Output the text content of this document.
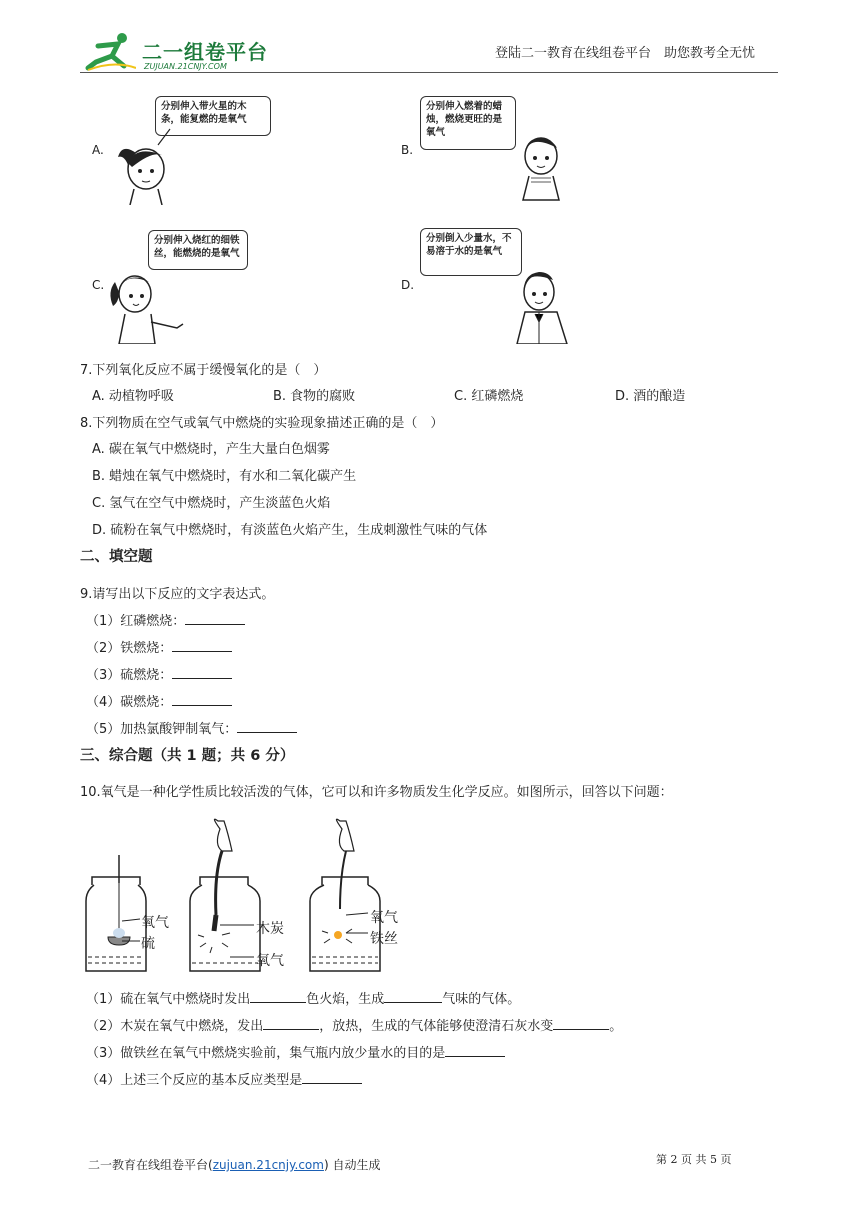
二一组卷平台
ZUJUAN.21CNJY.COM
登陆二一教育在线组卷平台　助您教考全无忧
A.
分别伸入带火星的木条，能复燃的是氧气
B.
分别伸入燃着的蜡烛，燃烧更旺的是氧气
C.
分别伸入烧红的细铁丝，能燃烧的是氧气
D.
分别倒入少量水，不易溶于水的是氧气
7.下列氧化反应不属于缓慢氧化的是（　）
A. 动植物呼吸	B. 食物的腐败	C. 红磷燃烧	D. 酒的酿造
8.下列物质在空气或氧气中燃烧的实验现象描述正确的是（　）
A. 碳在氧气中燃烧时，产生大量白色烟雾
B. 蜡烛在氧气中燃烧时，有水和二氧化碳产生
C. 氢气在空气中燃烧时，产生淡蓝色火焰
D. 硫粉在氧气中燃烧时，有淡蓝色火焰产生，生成刺激性气味的气体
二、填空题
9.请写出以下反应的文字表达式。
（1）红磷燃烧：
（2）铁燃烧：
（3）硫燃烧：
（4）碳燃烧：
（5）加热氯酸钾制氧气：
三、综合题（共 1 题；共 6 分）
10.氧气是一种化学性质比较活泼的气体，它可以和许多物质发生化学反应。如图所示，回答以下问题：
氧气
硫
木炭
氧气
氧气
铁丝
（1）硫在氧气中燃烧时发出	色火焰，生成	气味的气体。
（2）木炭在氧气中燃烧，发出	，放热，生成的气体能够使澄清石灰水变	。
（3）做铁丝在氧气中燃烧实验前，集气瓶内放少量水的目的是
（4）上述三个反应的基本反应类型是
二一教育在线组卷平台(zujuan.21cnjy.com) 自动生成	第 2 页 共 5 页
